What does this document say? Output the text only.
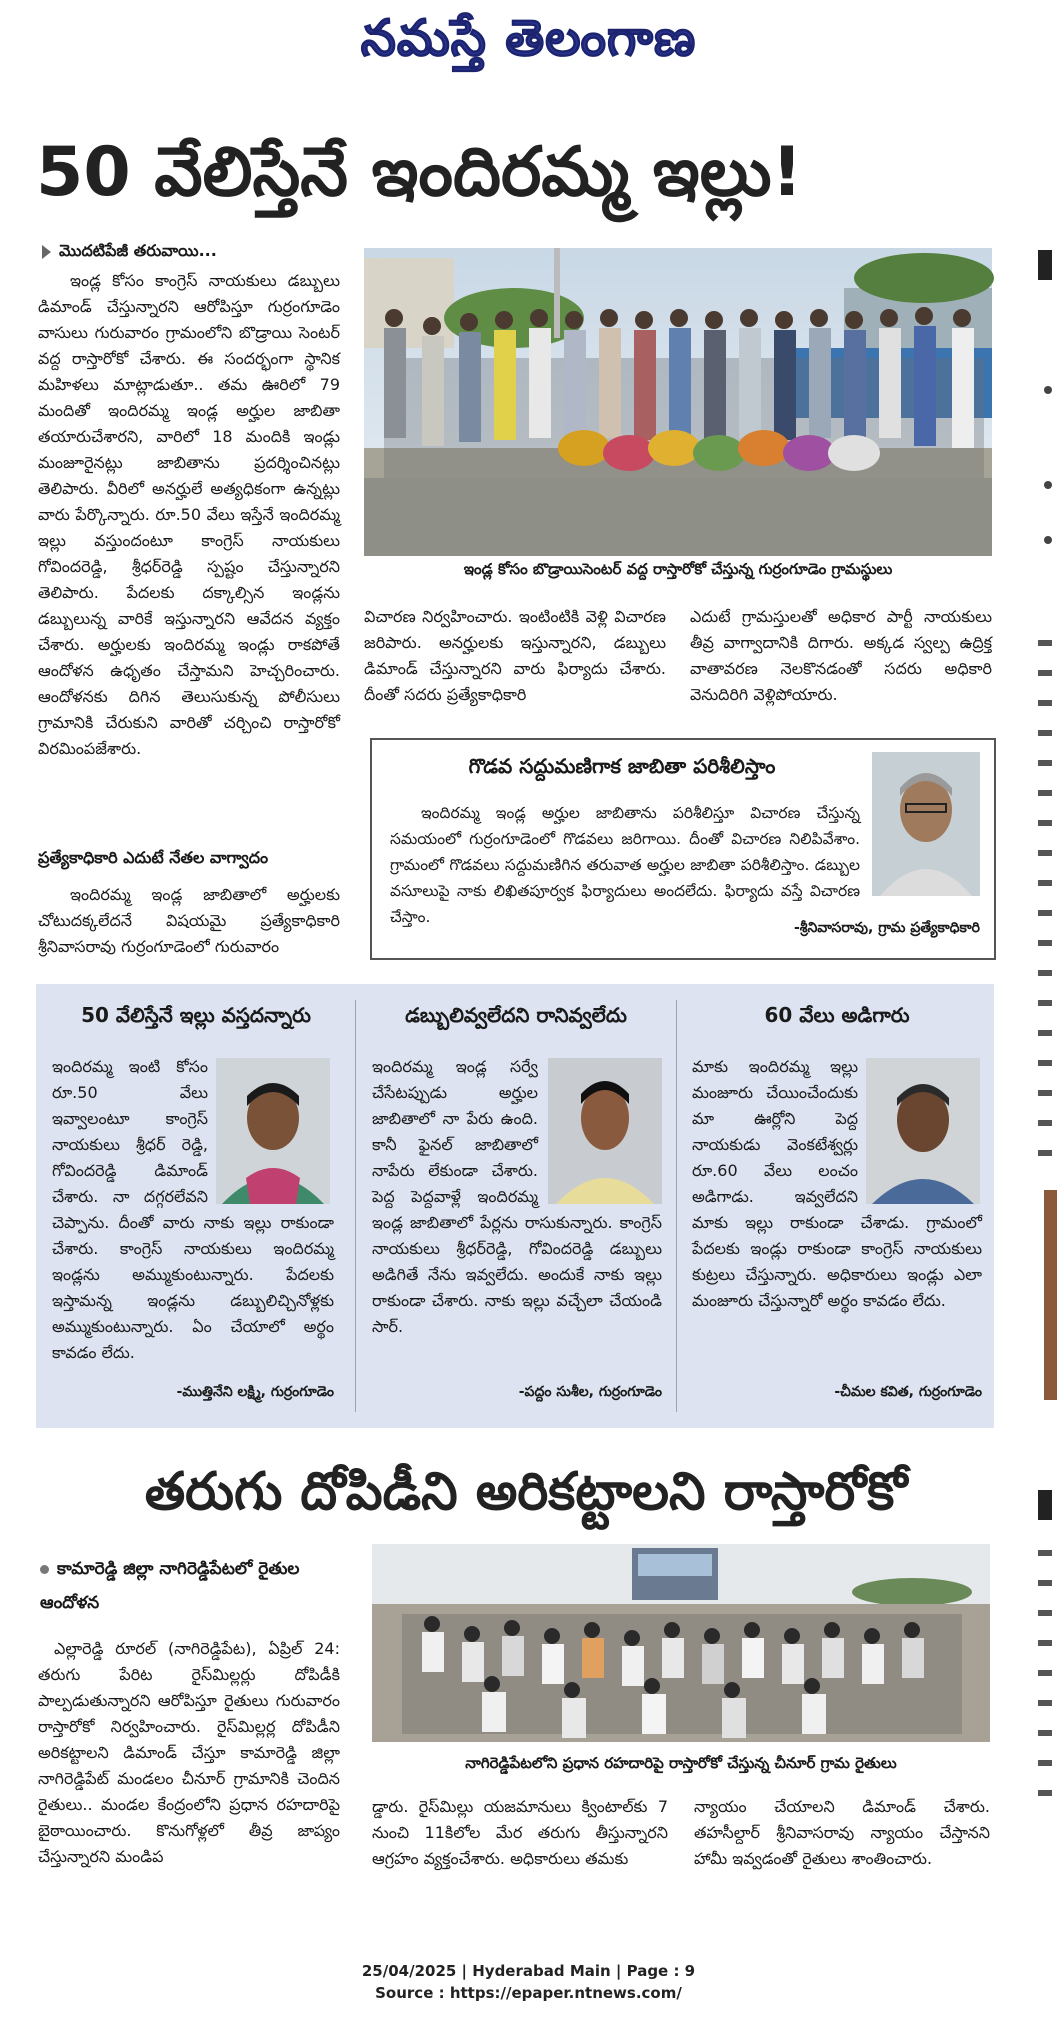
నమస్తే తెలంగాణ
50 వేలిస్తేనే ఇందిరమ్మ ఇల్లు!
మొదటిపేజీ తరువాయి...
ఇండ్ల కోసం కాంగ్రెస్ నాయకులు డబ్బులు డిమాండ్ చేస్తున్నారని ఆరోపిస్తూ గుర్రంగూడెం వాసులు గురువారం గ్రామంలోని బొడ్రాయి సెంటర్ వద్ద రాస్తారోకో చేశారు. ఈ సందర్భంగా స్థానిక మహిళలు మాట్లాడుతూ.. తమ ఊరిలో 79 మందితో ఇందిరమ్మ ఇండ్ల అర్హుల జాబితా తయారుచేశారని, వారిలో 18 మందికి ఇండ్లు మంజూరైనట్లు జాబితాను ప్రదర్శించినట్లు తెలిపారు. వీరిలో అనర్హులే అత్యధికంగా ఉన్నట్లు వారు పేర్కొన్నారు. రూ.50 వేలు ఇస్తేనే ఇందిరమ్మ ఇల్లు వస్తుందంటూ కాంగ్రెస్ నాయకులు గోవిందరెడ్డి, శ్రీధర్‌రెడ్డి స్పష్టం చేస్తున్నారని తెలిపారు. పేదలకు దక్కాల్సిన ఇండ్లను డబ్బులున్న వారికే ఇస్తున్నారని ఆవేదన వ్యక్తం చేశారు. అర్హులకు ఇందిరమ్మ ఇండ్లు రాకపోతే ఆందోళన ఉధృతం చేస్తామని హెచ్చరించారు. ఆందోళనకు దిగిన తెలుసుకున్న పోలీసులు గ్రామానికి చేరుకుని వారితో చర్చించి రాస్తారోకో విరమింపజేశారు.
ప్రత్యేకాధికారి ఎదుటే నేతల వాగ్వాదం
ఇందిరమ్మ ఇండ్ల జాబితాలో అర్హులకు చోటుదక్కలేదనే విషయమై ప్రత్యేకాధికారి శ్రీనివాసరావు గుర్రంగూడెంలో గురువారం
ఇండ్ల కోసం బొడ్రాయిసెంటర్ వద్ద రాస్తారోకో చేస్తున్న గుర్రంగూడెం గ్రామస్థులు
విచారణ నిర్వహించారు. ఇంటింటికి వెళ్లి విచారణ జరిపారు. అనర్హులకు ఇస్తున్నారని, డబ్బులు డిమాండ్ చేస్తున్నారని వారు ఫిర్యాదు చేశారు. దీంతో సదరు ప్రత్యేకాధికారి
ఎదుటే గ్రామస్తులతో అధికార పార్టీ నాయకులు తీవ్ర వాగ్వాదానికి దిగారు. అక్కడ స్వల్ప ఉద్రిక్త వాతావరణ నెలకొనడంతో సదరు అధికారి వెనుదిరిగి వెళ్లిపోయారు.
గొడవ సద్దుమణిగాక జాబితా పరిశీలిస్తాం
ఇందిరమ్మ ఇండ్ల అర్హుల జాబితాను పరిశీలిస్తూ విచారణ చేస్తున్న సమయంలో గుర్రంగూడెంలో గొడవలు జరిగాయి. దీంతో విచారణ నిలిపివేశాం. గ్రామంలో గొడవలు సద్దుమణిగిన తరువాత అర్హుల జాబితా పరిశీలిస్తాం. డబ్బుల వసూలుపై నాకు లిఖితపూర్వక ఫిర్యాదులు అందలేదు. ఫిర్యాదు వస్తే విచారణ చేస్తాం.
-శ్రీనివాసరావు, గ్రామ ప్రత్యేకాధికారి
50 వేలిస్తేనే ఇల్లు వస్తదన్నారు
ఇందిరమ్మ ఇంటి కోసం రూ.50 వేలు ఇవ్వాలంటూ కాంగ్రెస్ నాయకులు శ్రీధర్ రెడ్డి, గోవిందరెడ్డి డిమాండ్ చేశారు. నా దగ్గరలేవని చెప్పాను. దీంతో వారు నాకు ఇల్లు రాకుండా చేశారు. కాంగ్రెస్ నాయకులు ఇందిరమ్మ ఇండ్లను అమ్ముకుంటున్నారు. పేదలకు ఇస్తామన్న ఇండ్లను డబ్బులిచ్చినోళ్లకు అమ్ముకుంటున్నారు. ఏం చేయాలో అర్థం కావడం లేదు.
-ముత్తినేని లక్ష్మి, గుర్రంగూడెం
డబ్బులివ్వలేదని రానివ్వలేదు
ఇందిరమ్మ ఇండ్ల సర్వే చేసేటప్పుడు అర్హుల జాబితాలో నా పేరు ఉంది. కానీ ఫైనల్ జాబితాలో నాపేరు లేకుండా చేశారు. పెద్ద పెద్దవాళ్లే ఇందిరమ్మ ఇండ్ల జాబితాలో పేర్లను రాసుకున్నారు. కాంగ్రెస్ నాయకులు శ్రీధర్‌రెడ్డి, గోవిందరెడ్డి డబ్బులు అడిగితే నేను ఇవ్వలేదు. అందుకే నాకు ఇల్లు రాకుండా చేశారు. నాకు ఇల్లు వచ్చేలా చేయండి సార్.
-పద్దం సుశీల, గుర్రంగూడెం
60 వేలు అడిగారు
మాకు ఇందిరమ్మ ఇల్లు మంజూరు చేయించేందుకు మా ఊర్లోని పెద్ద నాయకుడు వెంకటేశ్వర్లు రూ.60 వేలు లంచం అడిగాడు. ఇవ్వలేదని మాకు ఇల్లు రాకుండా చేశాడు. గ్రామంలో పేదలకు ఇండ్లు రాకుండా కాంగ్రెస్ నాయకులు కుట్రలు చేస్తున్నారు. అధికారులు ఇండ్లు ఎలా మంజూరు చేస్తున్నారో అర్థం కావడం లేదు.
-చీమల కవిత, గుర్రంగూడెం
తరుగు దోపిడీని అరికట్టాలని రాస్తారోకో
కామారెడ్డి జిల్లా నాగిరెడ్డిపేటలో రైతుల ఆందోళన
ఎల్లారెడ్డి రూరల్ (నాగిరెడ్డిపేట), ఏప్రిల్ 24: తరుగు పేరిట రైస్‌మిల్లర్లు దోపిడీకి పాల్పడుతున్నారని ఆరోపిస్తూ రైతులు గురువారం రాస్తారోకో నిర్వహించారు. రైస్‌మిల్లర్ల దోపిడీని అరికట్టాలని డిమాండ్ చేస్తూ కామారెడ్డి జిల్లా నాగిరెడ్డిపేట్ మండలం చీనూర్ గ్రామానికి చెందిన రైతులు.. మండల కేంద్రంలోని ప్రధాన రహదారిపై బైఠాయించారు. కొనుగోళ్లలో తీవ్ర జాప్యం చేస్తున్నారని మండిప
నాగిరెడ్డిపేటలోని ప్రధాన రహదారిపై రాస్తారోకో చేస్తున్న చీనూర్ గ్రామ రైతులు
డ్డారు. రైస్‌మిల్లు యజమానులు క్వింటాల్‌కు 7 నుంచి 11కిలోల మేర తరుగు తీస్తున్నారని ఆగ్రహం వ్యక్తంచేశారు. అధికారులు తమకు
న్యాయం చేయాలని డిమాండ్ చేశారు. తహసీల్దార్ శ్రీనివాసరావు న్యాయం చేస్తానని హామీ ఇవ్వడంతో రైతులు శాంతించారు.
25/04/2025 | Hyderabad Main | Page : 9
Source : https://epaper.ntnews.com/
